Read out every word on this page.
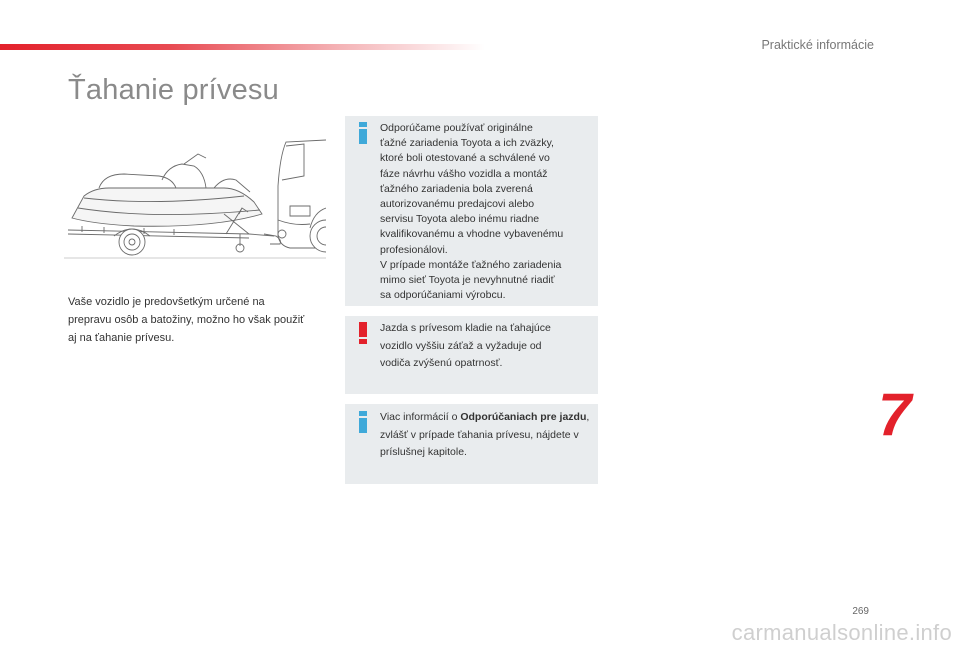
Praktické informácie
Ťahanie prívesu
Vaše vozidlo je predovšetkým určené na prepravu osôb a batožiny, možno ho však použiť aj na ťahanie prívesu.

Odporúčame používať originálne

ťažné zariadenia Toyota a ich zväzky,

ktoré boli otestované a schválené vo

fáze návrhu vášho vozidla a montáž

ťažného zariadenia bola zverená

autorizovanému predajcovi alebo

servisu Toyota alebo inému riadne

kvalifikovanému a vhodne vybavenému

profesionálovi.

V prípade montáže ťažného zariadenia

mimo sieť Toyota je nevyhnutné riadiť

sa odporúčaniami výrobcu.

Jazda s prívesom kladie na ťahajúce

vozidlo vyššiu záťaž a vyžaduje od

vodiča zvýšenú opatrnosť.

Viac informácií o Odporúčaniach pre jazdu, zvlášť v prípade ťahania prívesu, nájdete v príslušnej kapitole.

7
269
carmanualsonline.info
